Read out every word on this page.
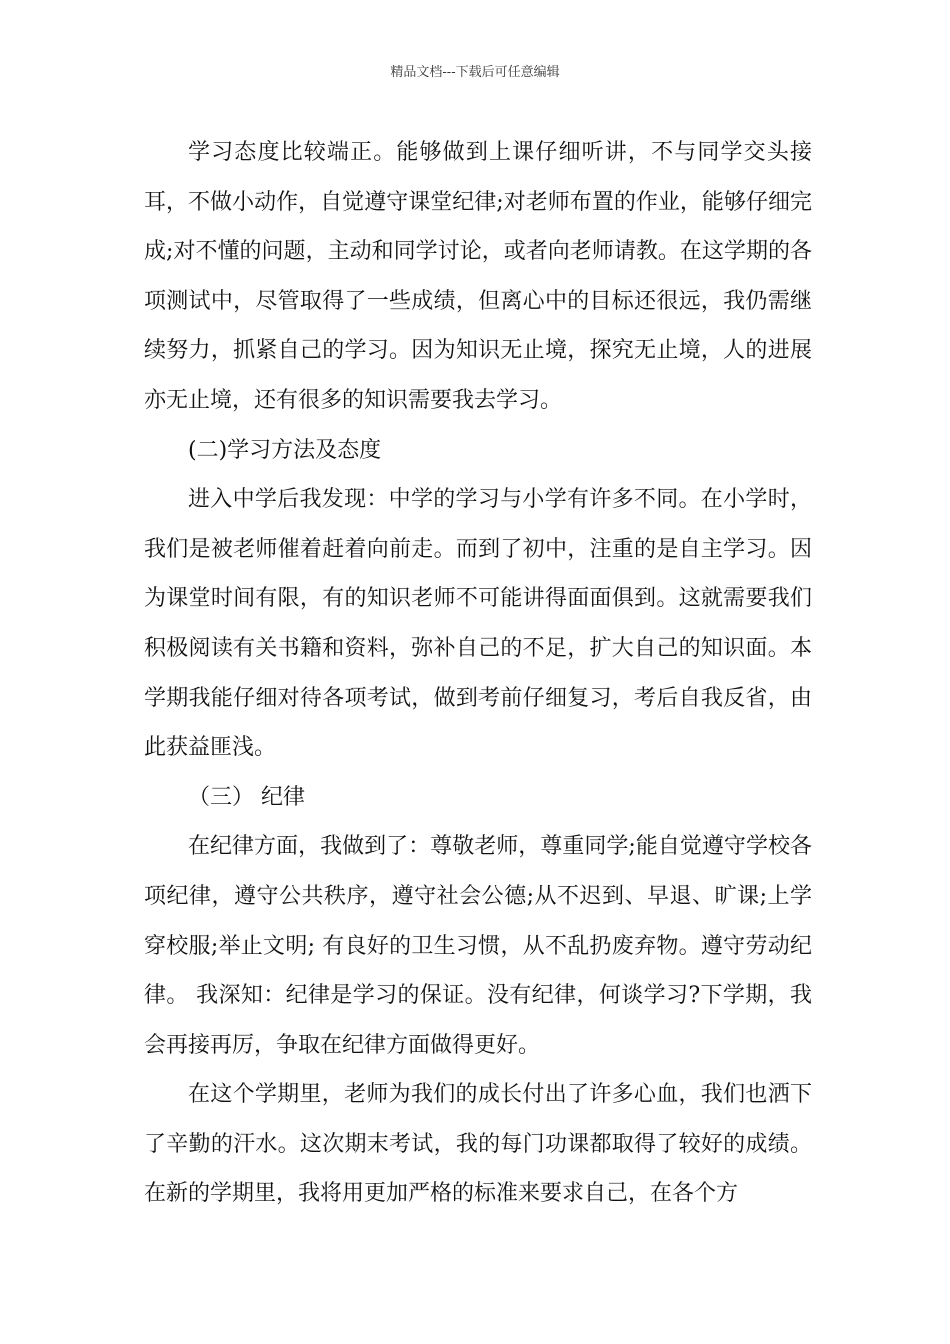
精品文档---下载后可任意编辑

学习态度比较端正。能够做到上课仔细听讲，不与同学交头接耳，不做小动作，自觉遵守课堂纪律;对老师布置的作业，能够仔细完成;对不懂的问题，主动和同学讨论，或者向老师请教。在这学期的各项测试中，尽管取得了一些成绩，但离心中的目标还很远，我仍需继续努力，抓紧自己的学习。因为知识无止境，探究无止境，人的进展亦无止境，还有很多的知识需要我去学习。

(二)学习方法及态度

进入中学后我发现：中学的学习与小学有许多不同。在小学时，我们是被老师催着赶着向前走。而到了初中，注重的是自主学习。因为课堂时间有限，有的知识老师不可能讲得面面俱到。这就需要我们积极阅读有关书籍和资料，弥补自己的不足，扩大自己的知识面。本学期我能仔细对待各项考试，做到考前仔细复习，考后自我反省，由此获益匪浅。

（三） 纪律

在纪律方面，我做到了：尊敬老师，尊重同学;能自觉遵守学校各项纪律，遵守公共秩序，遵守社会公德;从不迟到、早退、旷课;上学穿校服;举止文明; 有良好的卫生习惯，从不乱扔废弃物。遵守劳动纪律。 我深知：纪律是学习的保证。没有纪律，何谈学习?下学期，我会再接再厉，争取在纪律方面做得更好。

在这个学期里，老师为我们的成长付出了许多心血，我们也洒下了辛勤的汗水。这次期末考试，我的每门功课都取得了较好的成绩。在新的学期里，我将用更加严格的标准来要求自己，在各个方
